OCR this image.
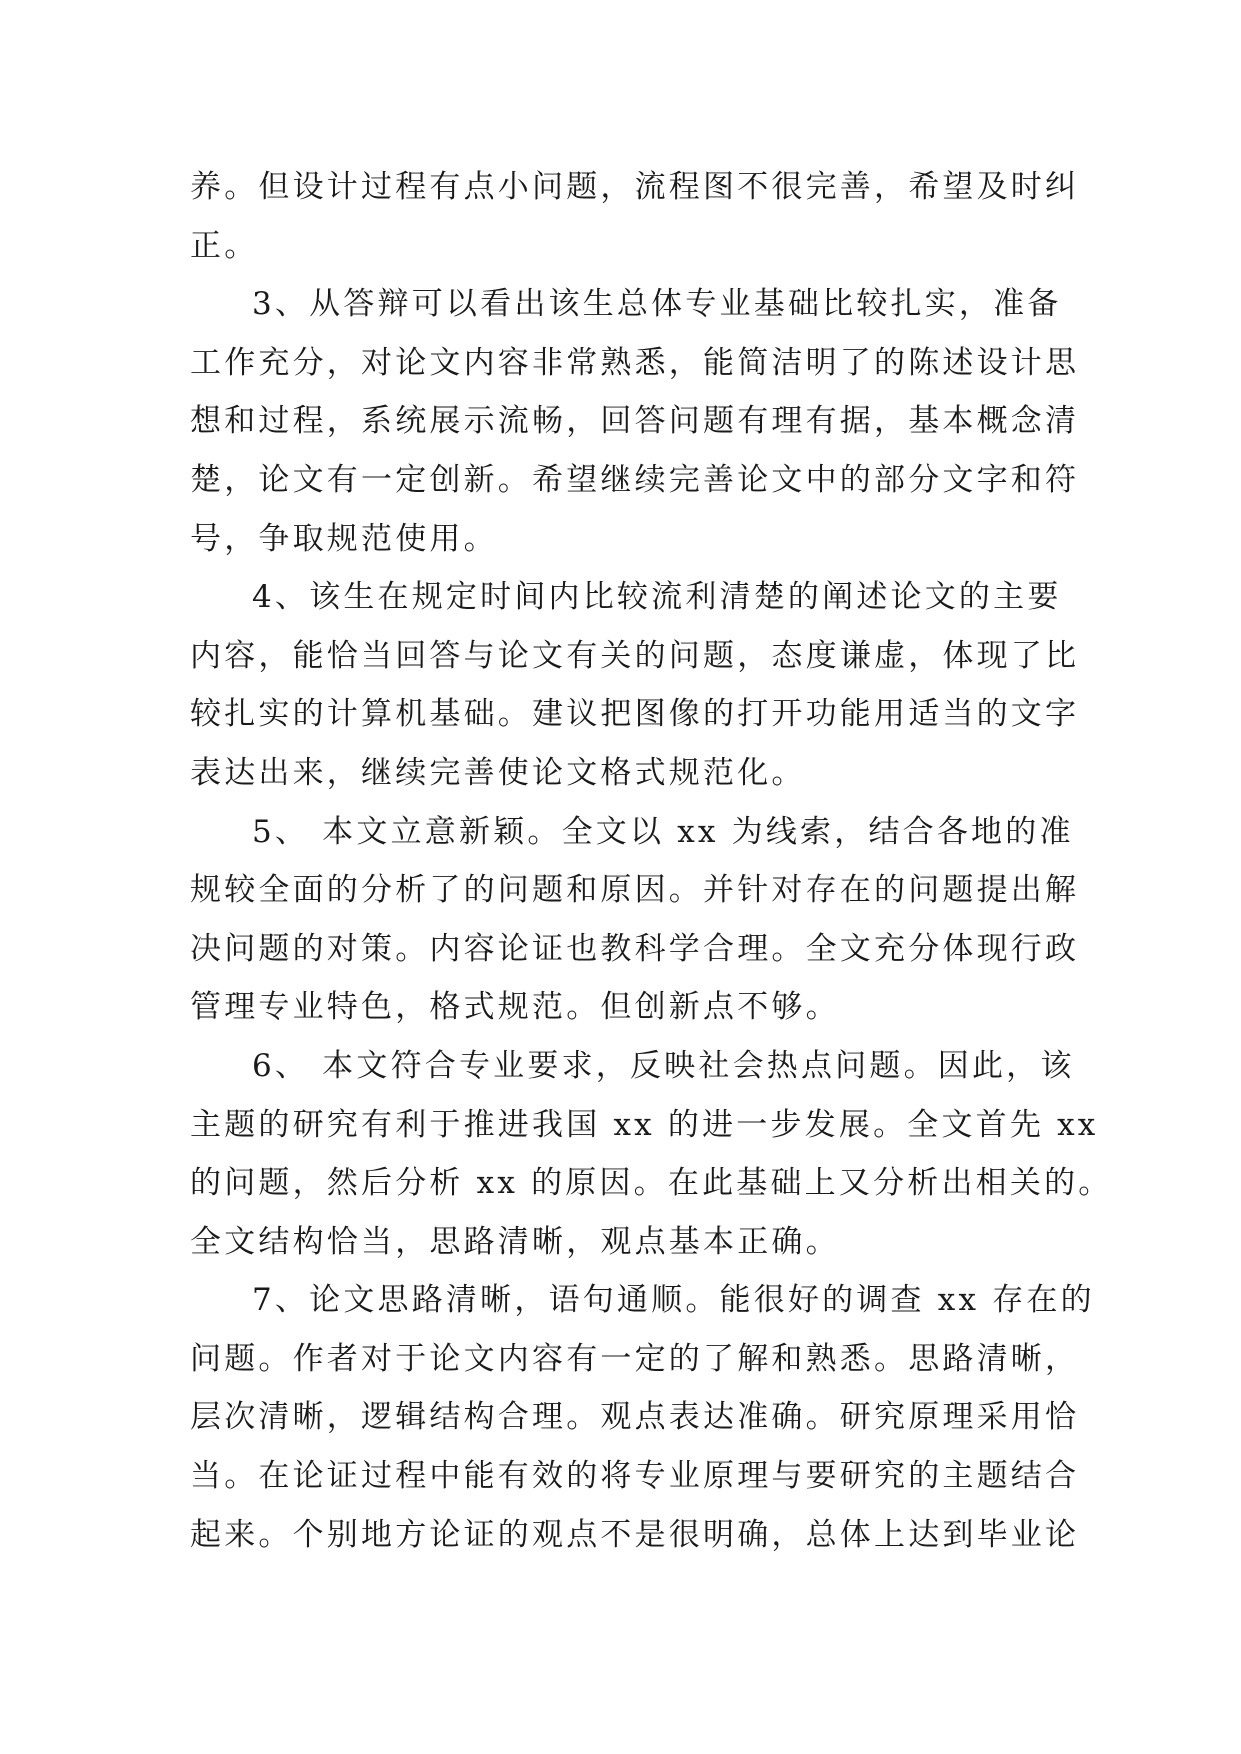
养。但设计过程有点小问题，流程图不很完善，希望及时纠
正。
3、从答辩可以看出该生总体专业基础比较扎实，准备
工作充分，对论文内容非常熟悉，能简洁明了的陈述设计思
想和过程，系统展示流畅，回答问题有理有据，基本概念清
楚，论文有一定创新。希望继续完善论文中的部分文字和符
号，争取规范使用。
4、该生在规定时间内比较流利清楚的阐述论文的主要
内容，能恰当回答与论文有关的问题，态度谦虚，体现了比
较扎实的计算机基础。建议把图像的打开功能用适当的文字
表达出来，继续完善使论文格式规范化。
5、 本文立意新颖。全文以 xx 为线索，结合各地的准
规较全面的分析了的问题和原因。并针对存在的问题提出解
决问题的对策。内容论证也教科学合理。全文充分体现行政
管理专业特色，格式规范。但创新点不够。
6、 本文符合专业要求，反映社会热点问题。因此，该
主题的研究有利于推进我国 xx 的进一步发展。全文首先 xx
的问题，然后分析 xx 的原因。在此基础上又分析出相关的。
全文结构恰当，思路清晰，观点基本正确。
7、论文思路清晰，语句通顺。能很好的调查 xx 存在的
问题。作者对于论文内容有一定的了解和熟悉。思路清晰，
层次清晰，逻辑结构合理。观点表达准确。研究原理采用恰
当。在论证过程中能有效的将专业原理与要研究的主题结合
起来。个别地方论证的观点不是很明确，总体上达到毕业论
